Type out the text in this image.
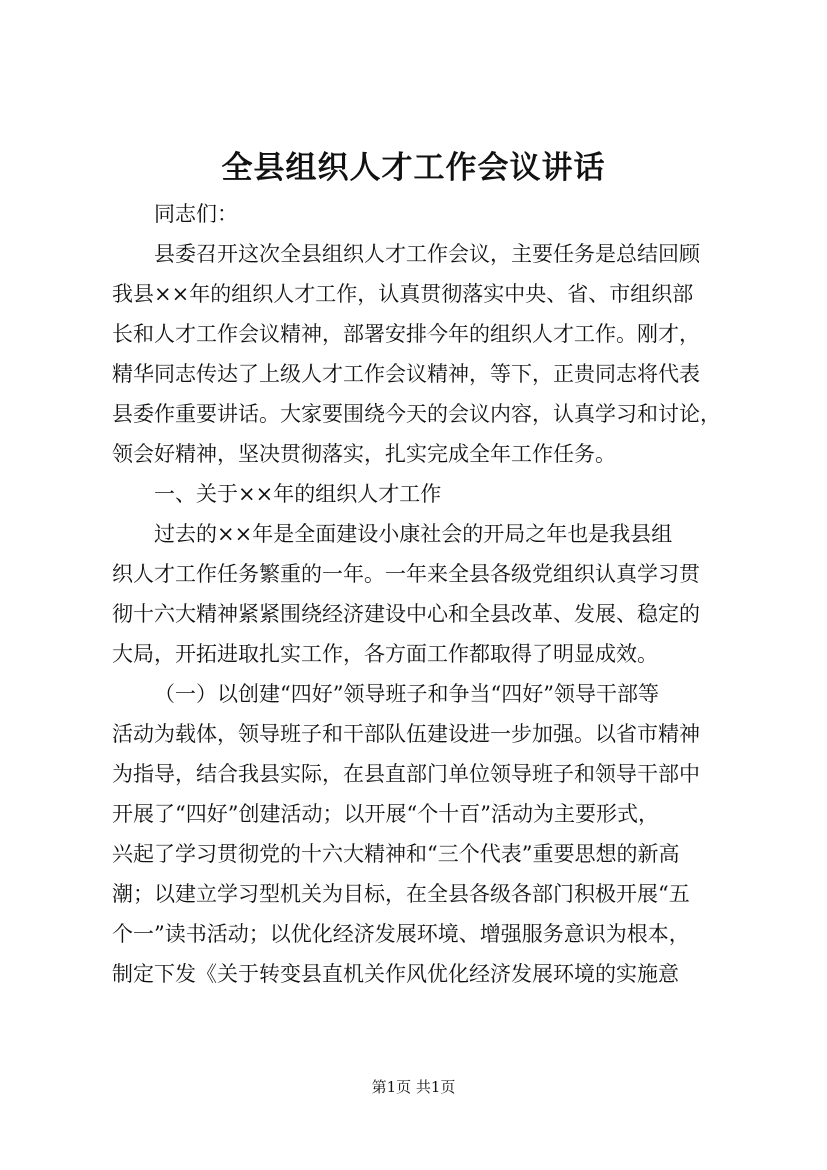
全县组织人才工作会议讲话

同志们：

县委召开这次全县组织人才工作会议，主要任务是总结回顾
我县××年的组织人才工作，认真贯彻落实中央、省、市组织部
长和人才工作会议精神，部署安排今年的组织人才工作。刚才，
精华同志传达了上级人才工作会议精神，等下，正贵同志将代表
县委作重要讲话。大家要围绕今天的会议内容，认真学习和讨论，
领会好精神，坚决贯彻落实，扎实完成全年工作任务。

一、关于××年的组织人才工作

过去的××年是全面建设小康社会的开局之年也是我县组
织人才工作任务繁重的一年。一年来全县各级党组织认真学习贯
彻十六大精神紧紧围绕经济建设中心和全县改革、发展、稳定的
大局，开拓进取扎实工作，各方面工作都取得了明显成效。

（一）以创建“四好”领导班子和争当“四好”领导干部等
活动为载体，领导班子和干部队伍建设进一步加强。以省市精神
为指导，结合我县实际，在县直部门单位领导班子和领导干部中
开展了“四好”创建活动；以开展“个十百”活动为主要形式，
兴起了学习贯彻党的十六大精神和“三个代表”重要思想的新高
潮；以建立学习型机关为目标，在全县各级各部门积极开展“五
个一”读书活动；以优化经济发展环境、增强服务意识为根本，
制定下发《关于转变县直机关作风优化经济发展环境的实施意

第1页 共1页
